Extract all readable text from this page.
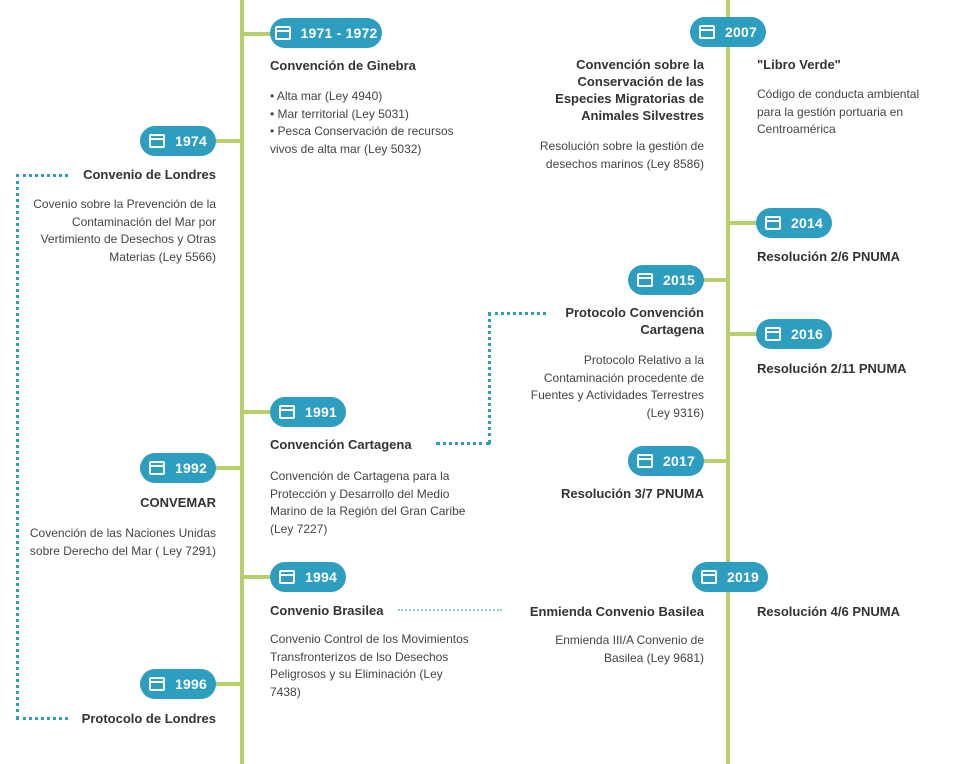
1971 - 1972
Convención de Ginebra
• Alta mar (Ley 4940)
• Mar territorial (Ley 5031)
• Pesca Conservación de recursos vivos de alta mar (Ley 5032)
1974
Convenio de Londres
Covenio sobre la Prevención de la Contaminación del Mar por Vertimiento de Desechos y Otras Materias (Ley 5566)
1991
Convención Cartagena
Convención de Cartagena para la Protección y Desarrollo del Medio Marino de la Región del Gran Caribe (Ley 7227)
1992
CONVEMAR
Covención de las Naciones Unidas sobre Derecho del Mar ( Ley 7291)
1994
Convenio Brasilea
Convenio Control de los Movimientos Transfronterizos de lso Desechos Peligrosos y su Eliminación (Ley 7438)
1996
Protocolo de Londres
2007
Convención sobre la Conservación de las Especies Migratorias de Animales Silvestres
Resolución sobre la gestión de desechos marinos (Ley 8586)
"Libro Verde"
Código de conducta ambiental para la gestión portuaria en Centroamérica
2014
Resolución 2/6 PNUMA
2015
Protocolo Convención Cartagena
Protocolo Relativo a la Contaminación procedente de Fuentes y Actividades Terrestres (Ley 9316)
2016
Resolución 2/11 PNUMA
2017
Resolución 3/7 PNUMA
2019
Enmienda Convenio Basilea
Enmienda III/A Convenio de Basilea (Ley 9681)
Resolución 4/6 PNUMA
